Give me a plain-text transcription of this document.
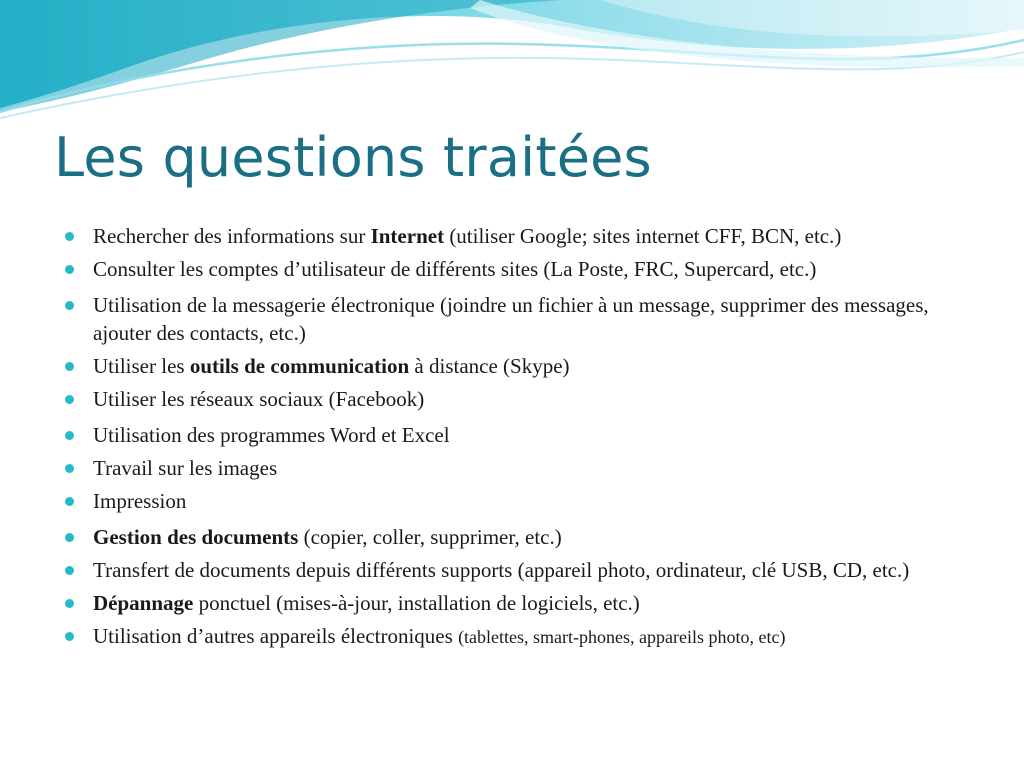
Les questions traitées
Rechercher des informations sur Internet (utiliser Google; sites internet CFF, BCN, etc.)
Consulter les comptes d’utilisateur de différents sites (La Poste, FRC, Supercard, etc.)
Utilisation de la messagerie électronique (joindre un fichier à un message, supprimer des messages, ajouter des contacts, etc.)
Utiliser les outils de communication à distance (Skype)
Utiliser les réseaux sociaux (Facebook)
Utilisation des programmes Word et Excel
Travail sur les images
Impression
Gestion des documents (copier, coller, supprimer, etc.)
Transfert de documents depuis différents supports (appareil photo, ordinateur, clé USB, CD, etc.)
Dépannage ponctuel (mises-à-jour, installation de logiciels, etc.)
Utilisation d’autres appareils électroniques (tablettes, smart-phones, appareils photo, etc)
